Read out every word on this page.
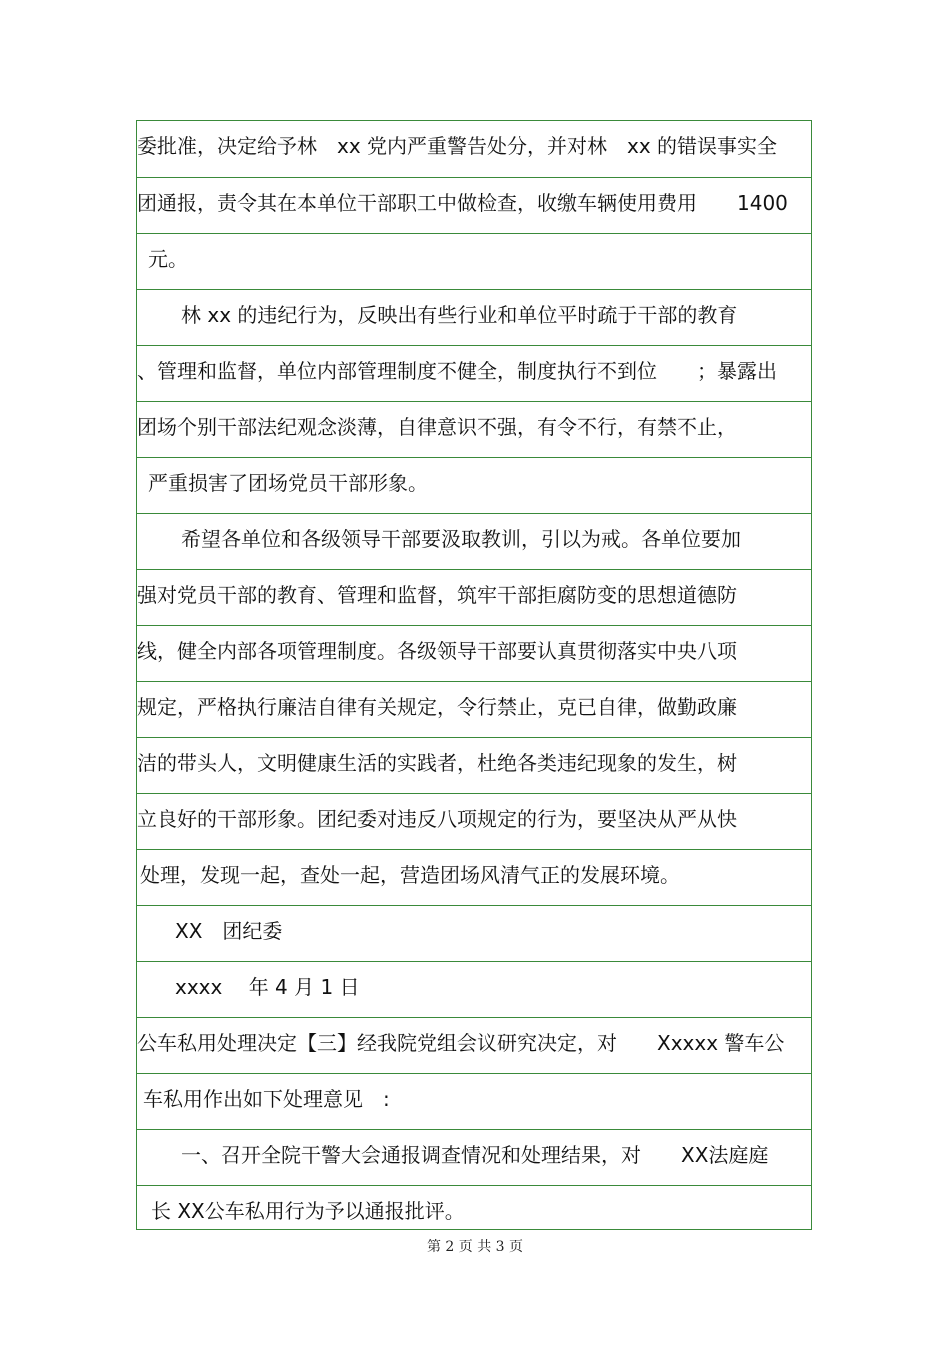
委批准，决定给予林　xx 党内严重警告处分，并对林　xx 的错误事实全
团通报，责令其在本单位干部职工中做检查，收缴车辆使用费用　　1400
元。
林 xx 的违纪行为，反映出有些行业和单位平时疏于干部的教育
、管理和监督，单位内部管理制度不健全，制度执行不到位　　；暴露出
团场个别干部法纪观念淡薄，自律意识不强，有令不行，有禁不止，
严重损害了团场党员干部形象。
希望各单位和各级领导干部要汲取教训，引以为戒。各单位要加
强对党员干部的教育、管理和监督，筑牢干部拒腐防变的思想道德防
线，健全内部各项管理制度。各级领导干部要认真贯彻落实中央八项
规定，严格执行廉洁自律有关规定，令行禁止，克已自律，做勤政廉
洁的带头人，文明健康生活的实践者，杜绝各类违纪现象的发生，树
立良好的干部形象。团纪委对违反八项规定的行为，要坚决从严从快
处理，发现一起，查处一起，营造团场风清气正的发展环境。
XX　团纪委
xxxx　 年 4 月 1 日
公车私用处理决定【三】经我院党组会议研究决定，对　　Xxxxx 警车公
车私用作出如下处理意见　:
一、召开全院干警大会通报调查情况和处理结果，对　　XX法庭庭
长 XX公车私用行为予以通报批评。
第 2 页 共 3 页
